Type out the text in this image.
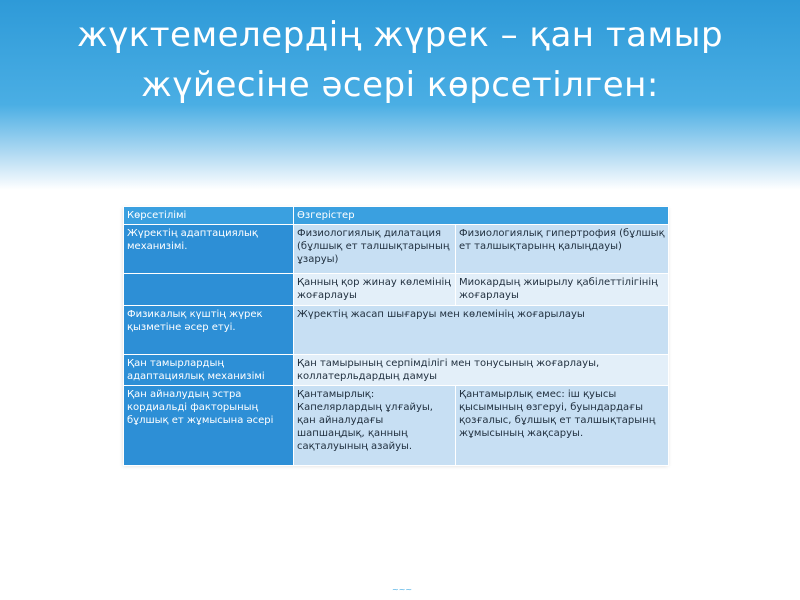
жүктемелердің жүрек – қан тамыр
жүйесіне әсері көрсетілген:
Көрсетілімі	Өзгерістер	
Жүректің адаптациялық механизімі.	Физиологиялық дилатация (бұлшық ет талшықтарының ұзаруы)	Физиологиялық гипертрофия (бұлшық ет талшықтарынң қалыңдауы)
	Қанның қор жинау көлемінің жоғарлауы	Миокардың жиырылу қабілеттілігінің жоғарлауы
Физикалық күштің жүрек қызметіне әсер етуі.	Жүректің жасап шығаруы мен көлемінің жоғарылауы	
Қан тамырлардың адаптациялық механизімі	Қан тамырының серпімділігі мен тонусының жоғарлауы, коллатерльдардың дамуы	
Қан айналудың эстра кордиальді факторының бұлшық ет жұмысына әсері	Қантамырлық: Капелярлардың ұлғайуы, қан айналудағы шапшаңдық, қанның сақталуының азайуы.	Қантамырлық емес: іш қуысы қысымының өзгеруі, буындардағы қозғалыс, бұлшық ет талшықтарынң жұмысының жақсаруы.
~~~
